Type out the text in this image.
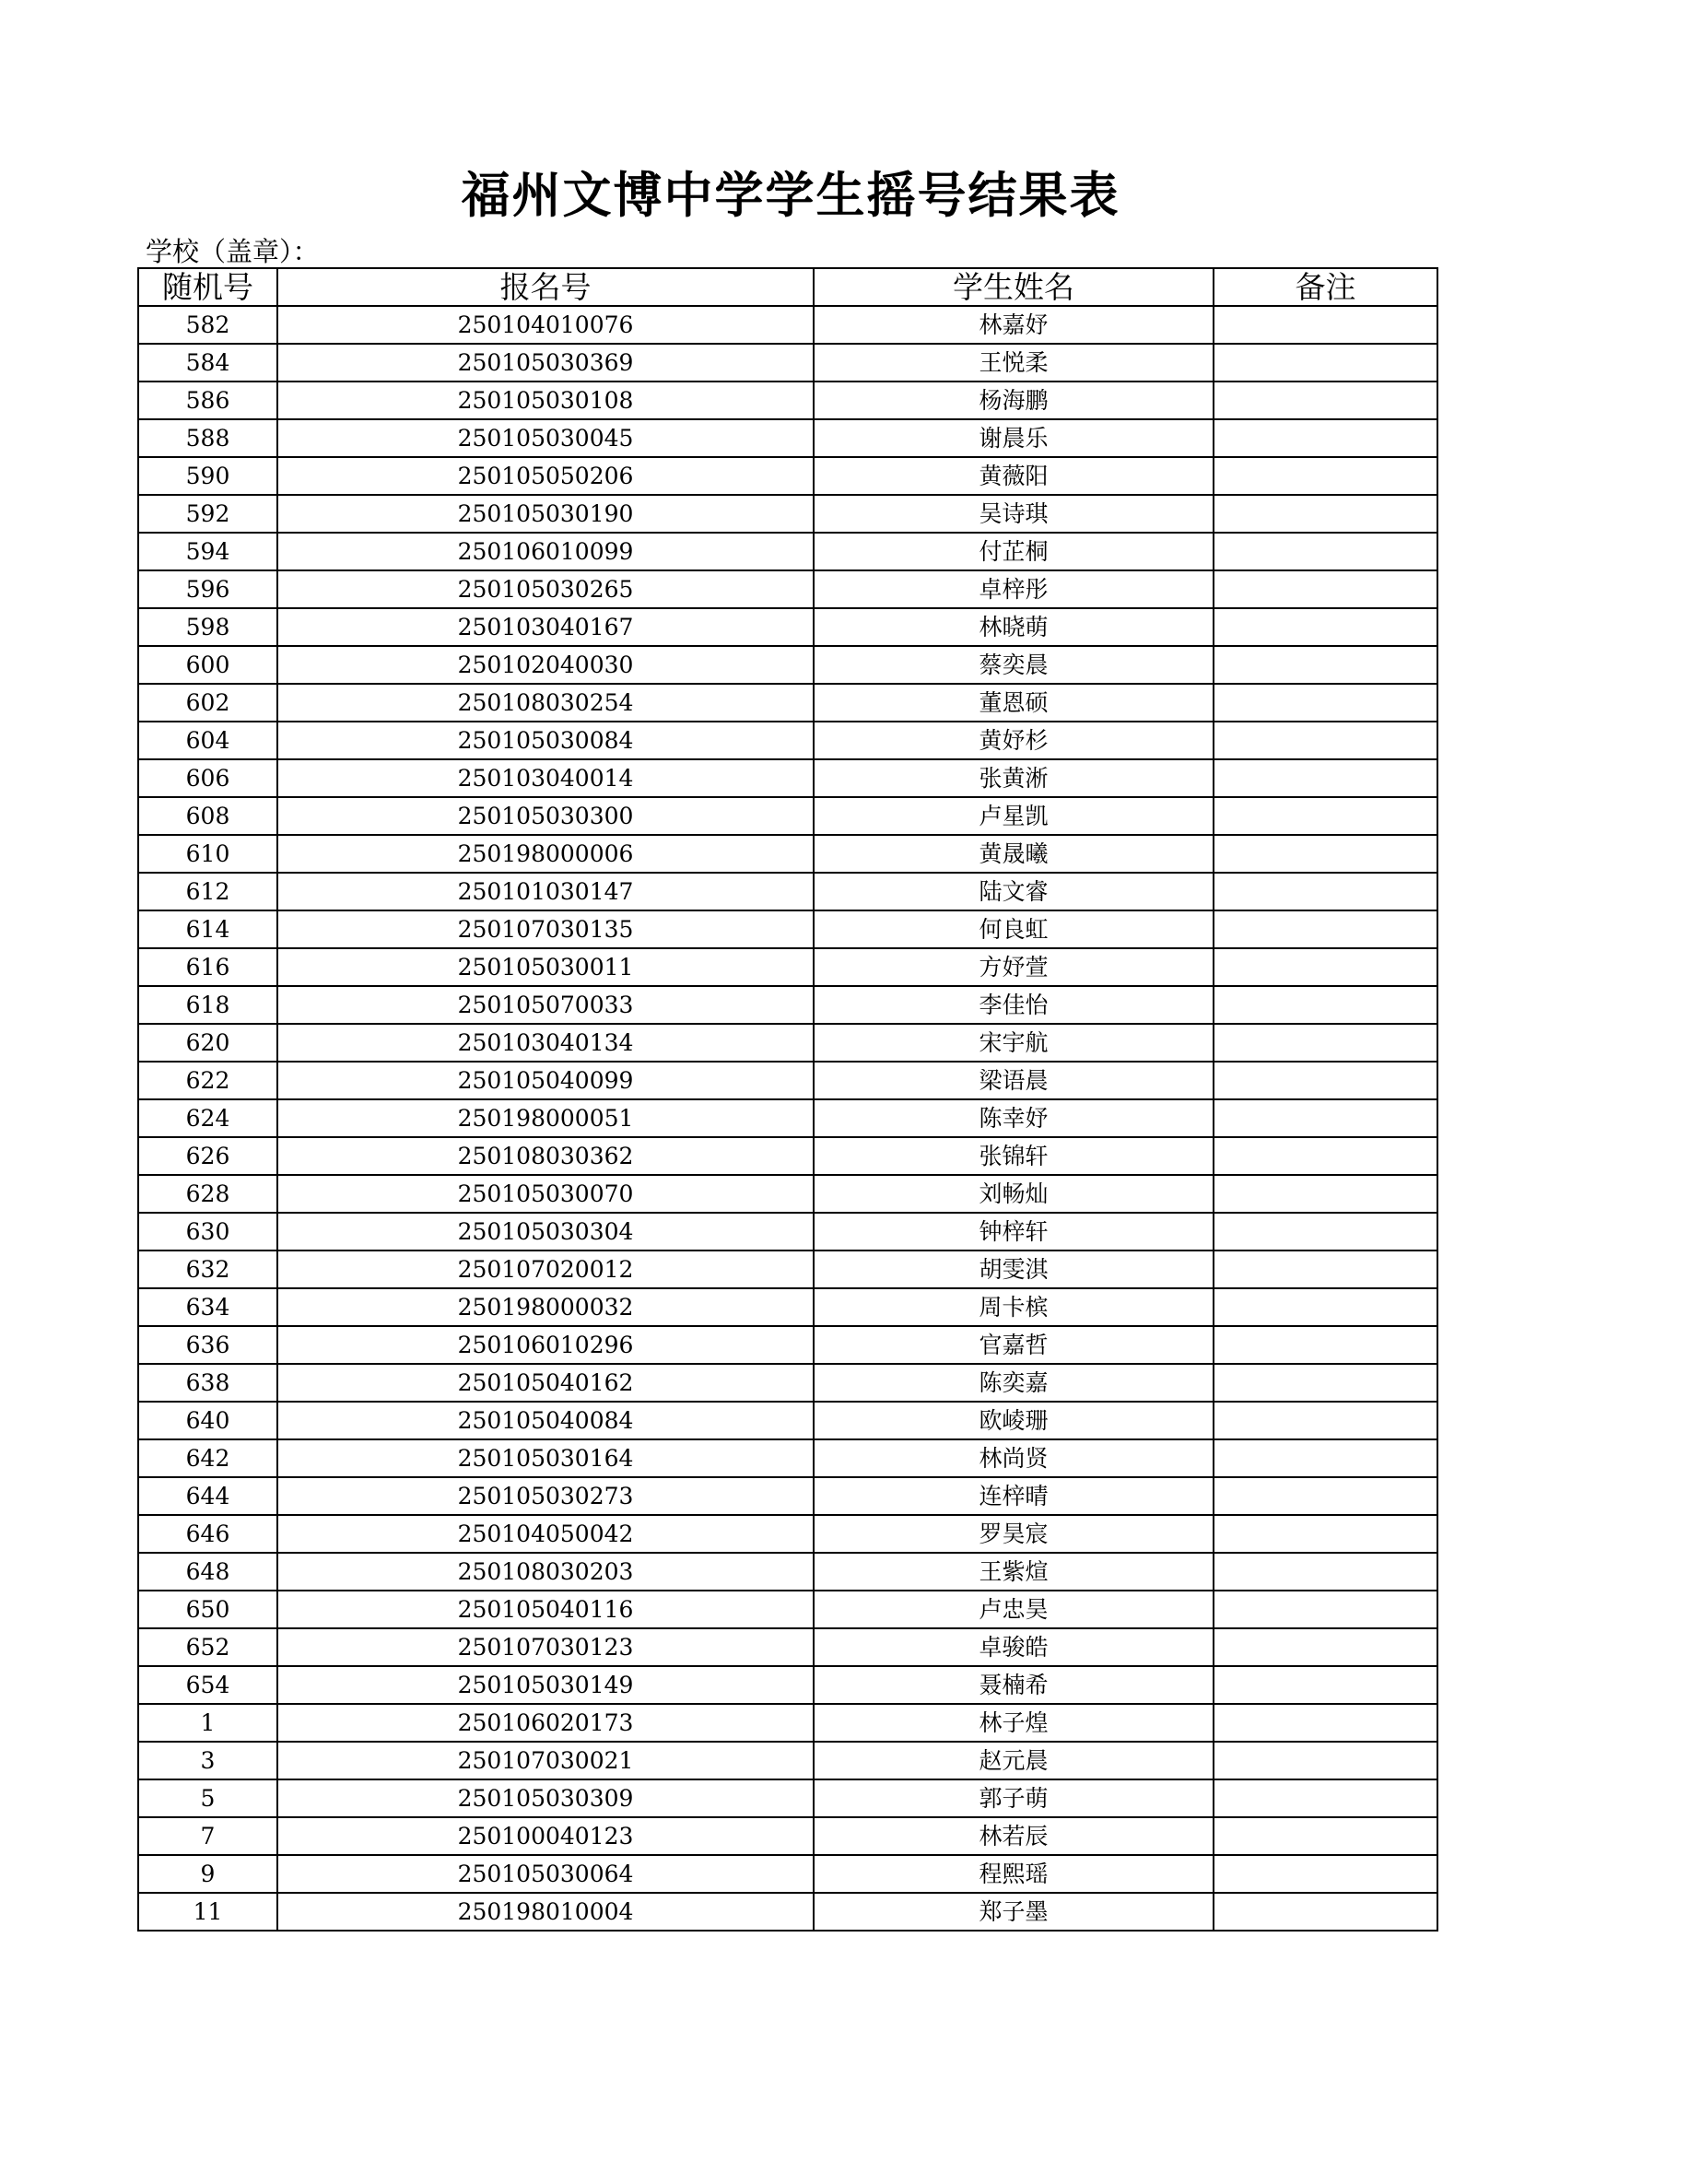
福州文博中学学生摇号结果表
学校（盖章）：
随机号	报名号	学生姓名	备注
582	250104010076	林嘉妤	
584	250105030369	王悦柔	
586	250105030108	杨海鹏	
588	250105030045	谢晨乐	
590	250105050206	黄薇阳	
592	250105030190	吴诗琪	
594	250106010099	付芷桐	
596	250105030265	卓梓彤	
598	250103040167	林晓萌	
600	250102040030	蔡奕晨	
602	250108030254	董恩硕	
604	250105030084	黄妤杉	
606	250103040014	张黄淅	
608	250105030300	卢星凯	
610	250198000006	黄晟曦	
612	250101030147	陆文睿	
614	250107030135	何良虹	
616	250105030011	方妤萱	
618	250105070033	李佳怡	
620	250103040134	宋宇航	
622	250105040099	梁语晨	
624	250198000051	陈幸妤	
626	250108030362	张锦轩	
628	250105030070	刘畅灿	
630	250105030304	钟梓轩	
632	250107020012	胡雯淇	
634	250198000032	周卡槟	
636	250106010296	官嘉哲	
638	250105040162	陈奕嘉	
640	250105040084	欧崚珊	
642	250105030164	林尚贤	
644	250105030273	连梓晴	
646	250104050042	罗昊宸	
648	250108030203	王紫煊	
650	250105040116	卢忠昊	
652	250107030123	卓骏皓	
654	250105030149	聂楠希	
1	250106020173	林子煌	
3	250107030021	赵元晨	
5	250105030309	郭子萌	
7	250100040123	林若辰	
9	250105030064	程熙瑶	
11	250198010004	郑子墨	
